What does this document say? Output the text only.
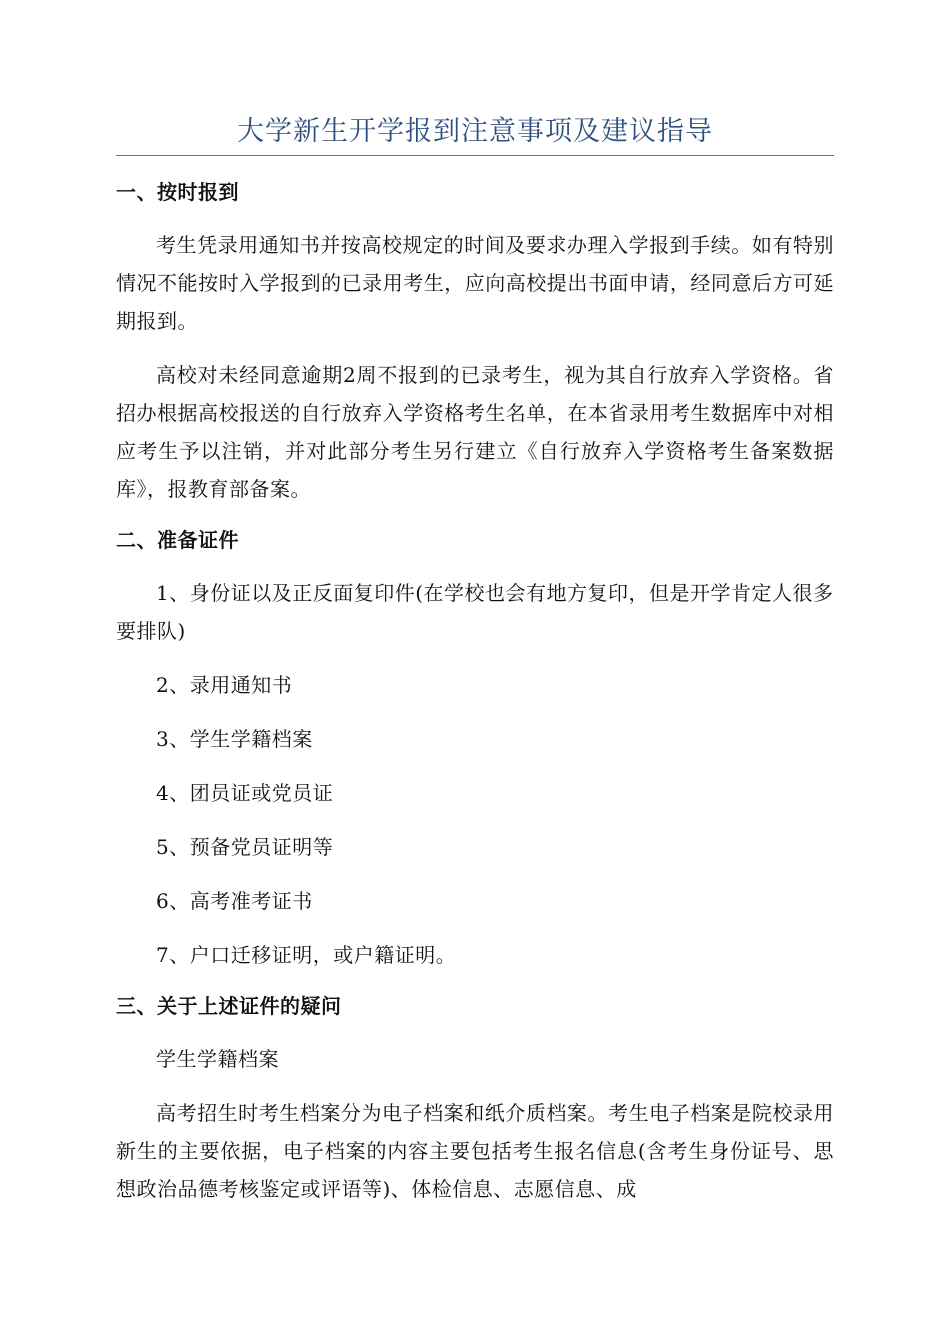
大学新生开学报到注意事项及建议指导
一、按时报到

考生凭录用通知书并按高校规定的时间及要求办理入学报到手续。如有特别情况不能按时入学报到的已录用考生，应向高校提出书面申请，经同意后方可延期报到。

高校对未经同意逾期2周不报到的已录考生，视为其自行放弃入学资格。省招办根据高校报送的自行放弃入学资格考生名单，在本省录用考生数据库中对相应考生予以注销，并对此部分考生另行建立《自行放弃入学资格考生备案数据库》，报教育部备案。

二、准备证件

1、身份证以及正反面复印件(在学校也会有地方复印，但是开学肯定人很多要排队)

2、录用通知书

3、学生学籍档案

4、团员证或党员证

5、预备党员证明等

6、高考准考证书

7、户口迁移证明，或户籍证明。

三、关于上述证件的疑问

学生学籍档案

高考招生时考生档案分为电子档案和纸介质档案。考生电子档案是院校录用新生的主要依据，电子档案的内容主要包括考生报名信息(含考生身份证号、思想政治品德考核鉴定或评语等)、体检信息、志愿信息、成
